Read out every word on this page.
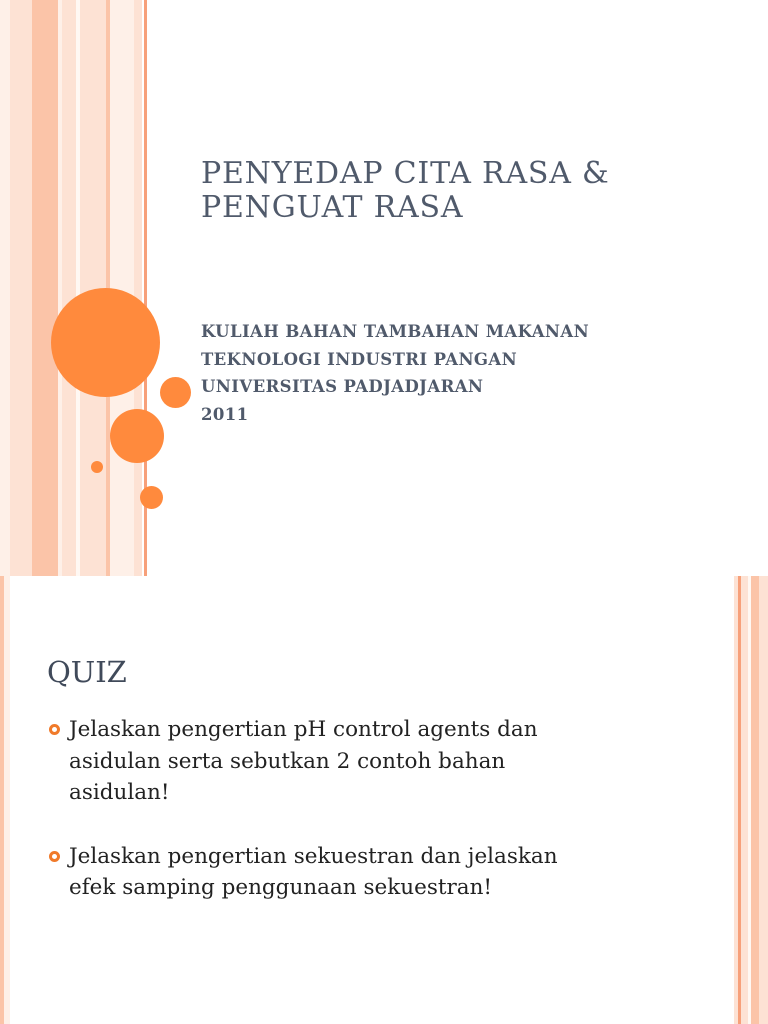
PENYEDAP CITA RASA &
PENGUAT RASA
KULIAH BAHAN TAMBAHAN MAKANAN
TEKNOLOGI INDUSTRI PANGAN
UNIVERSITAS PADJADJARAN
2011
QUIZ
Jelaskan pengertian pH control agents dan
asidulan serta sebutkan 2 contoh bahan
asidulan!
Jelaskan pengertian sekuestran dan jelaskan
efek samping penggunaan sekuestran!
